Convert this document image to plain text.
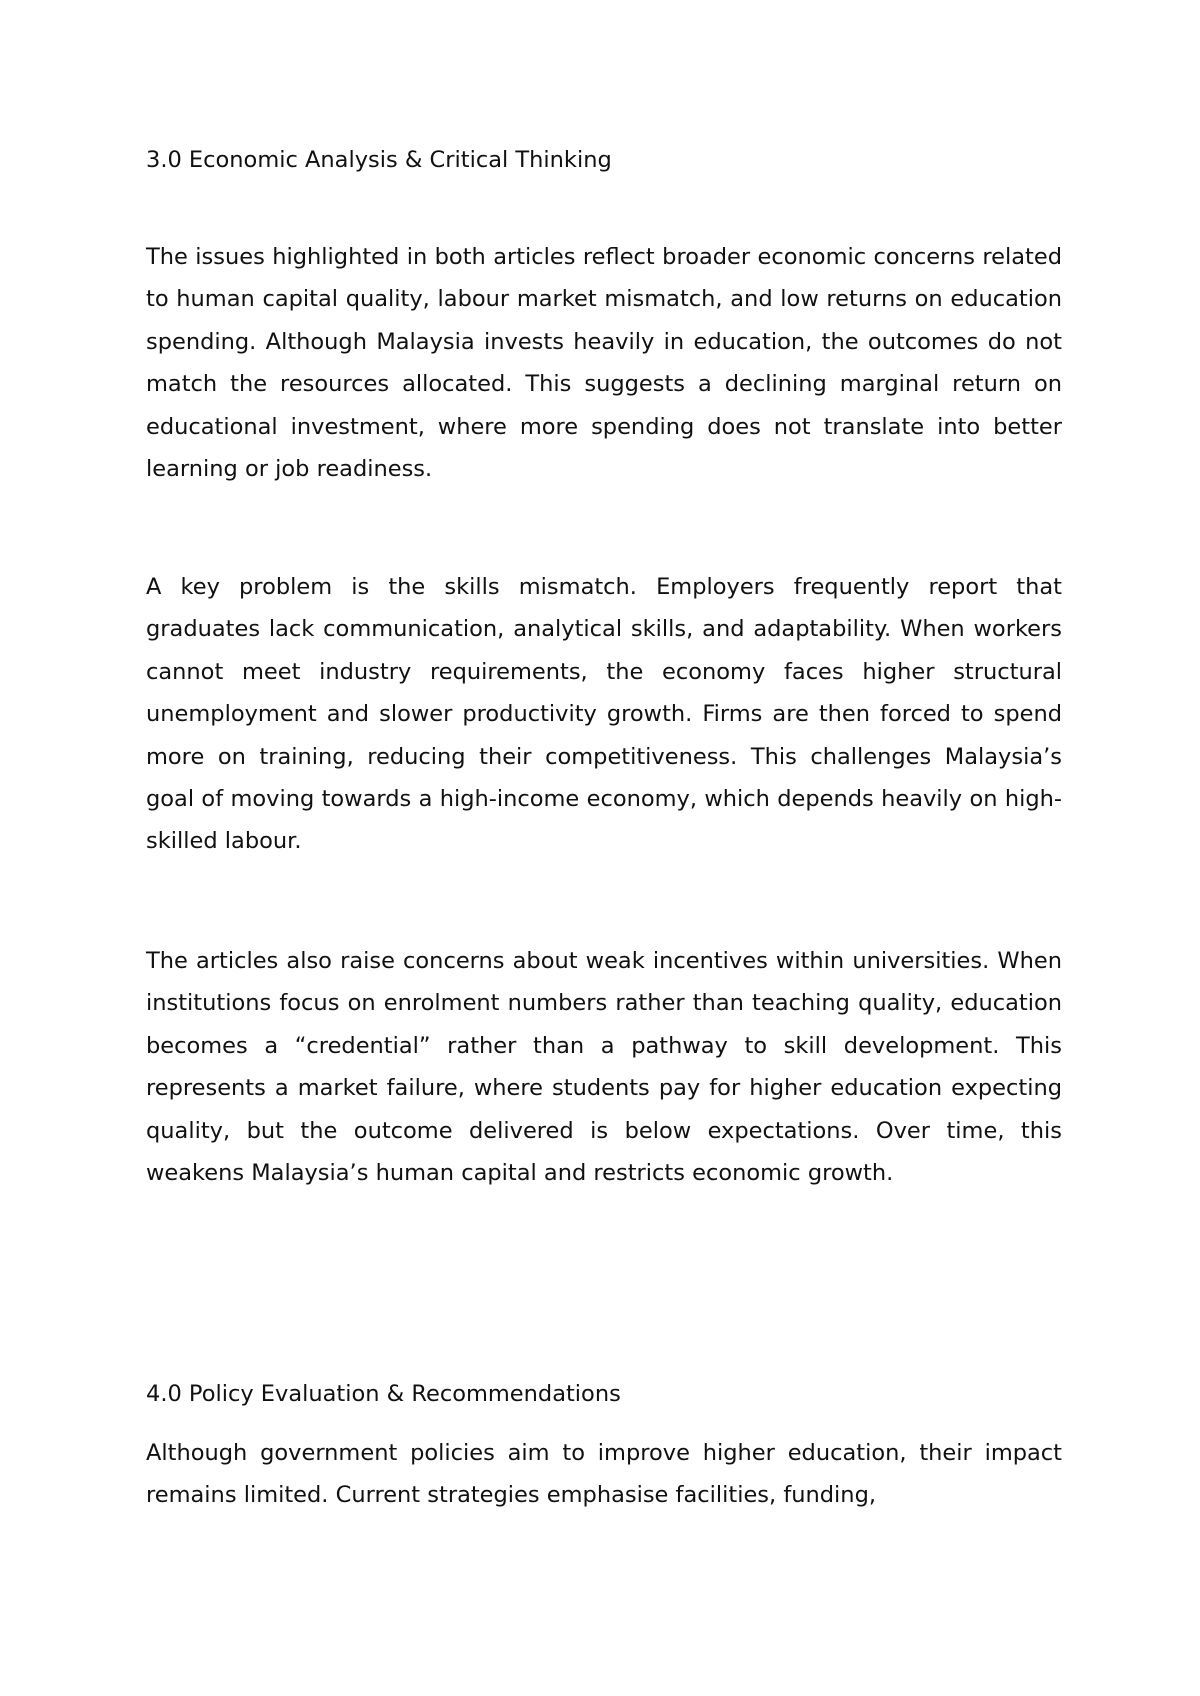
3.0 Economic Analysis & Critical Thinking

The issues highlighted in both articles reflect broader economic concerns related to human capital quality, labour market mismatch, and low returns on education spending. Although Malaysia invests heavily in education, the outcomes do not match the resources allocated. This suggests a declining marginal return on educational investment, where more spending does not translate into better learning or job readiness.

A key problem is the skills mismatch. Employers frequently report that graduates lack communication, analytical skills, and adaptability. When workers cannot meet industry requirements, the economy faces higher structural unemployment and slower productivity growth. Firms are then forced to spend more on training, reducing their competitiveness. This challenges Malaysia’s goal of moving towards a high-income economy, which depends heavily on high-skilled labour.

The articles also raise concerns about weak incentives within universities. When institutions focus on enrolment numbers rather than teaching quality, education becomes a “credential” rather than a pathway to skill development. This represents a market failure, where students pay for higher education expecting quality, but the outcome delivered is below expectations. Over time, this weakens Malaysia’s human capital and restricts economic growth.

4.0 Policy Evaluation & Recommendations

Although government policies aim to improve higher education, their impact remains limited. Current strategies emphasise facilities, funding,
